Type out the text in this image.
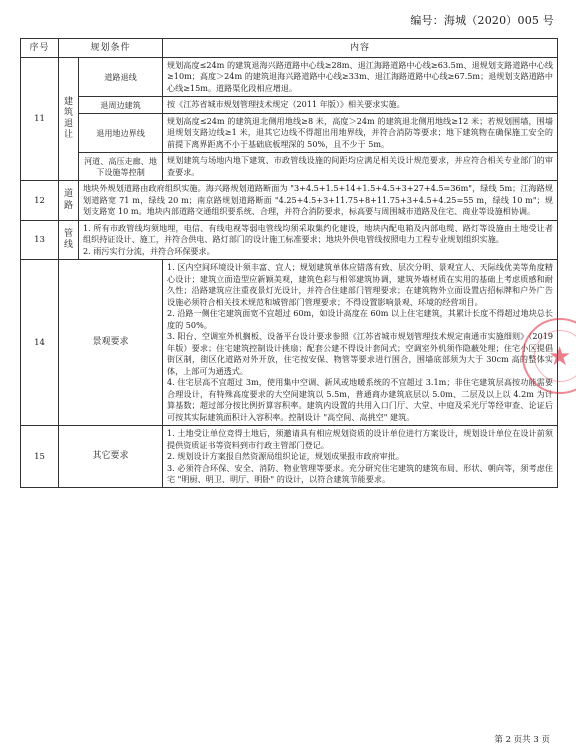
编号：海城（2020）005 号
序号	规划条件		内容
11	建筑退让	道路退线	规划高度≤24m 的建筑退海兴路道路中心线≥28m、退江海路道路中心线≥63.5m、退规划支路道路中心线≥10m；高度＞24m 的建筑退海兴路道路中心线≥33m、退江海路道路中心线≥67.5m；退规划支路道路中心线≥15m。道路渠化段相应增退。
		退周边建筑	按《江苏省城市规划管理技术规定（2011 年版）》相关要求实施。
		退用地边界线	规划高度≤24m 的建筑退北侧用地线≥8 米，高度＞24m 的建筑退北侧用地线≥12 米；若规划围墙，围墙退规划支路边线≥1 米，退其它边线不得超出用地界线，并符合消防等要求；地下建筑物在确保施工安全的前提下离界距离不小于基础底板埋深的 50%，且不少于 5m。
		河道、高压走廊、地下设施等控制	规划建筑与场地内地下建筑、市政管线设施的间距均应满足相关设计规范要求，并应符合相关专业部门的审查要求。
12	道路	地块外规划道路由政府组织实施。海兴路规划道路断面为 "3+4.5+1.5+14+1.5+4.5+3+27+4.5=36m"，绿线 5m；江海路规划道路宽 71 m，绿线 20 m；南京路规划道路断面 "4.25+4.5+3+11.75+8+11.75+3+4.5+4.25=55 m，绿线 10 m"；规划支路宽 10 m。地块内部道路交通组织要系统、合理，并符合消防要求，标高要与周围城市道路及住宅、商业等设施相协调。	
13	管线	1. 所有市政管线均须地埋，电信、有线电视等弱电管线均须采取集约化建设，地块内配电箱及内部电缆、路灯等设施由土地受让者组织持证设计、施工，并符合供电、路灯部门的设计施工标准要求；地块外供电管线按照电力工程专业规划组织实施。

2. 雨污实行分流，并符合环保要求。	

14	景观要求		1. 区内空间环境设计须丰富、宜人；规划建筑单体应错落有致、层次分明、景观宜人、天际线优美等角度精心设计；建筑立面造型应新颖美观，建筑色彩与相邻建筑协调，建筑外墙材质在实用的基础上考虑质感和耐久性；沿路建筑应注重夜景灯光设计，并符合住建部门管理要求；在建筑物外立面设置店招标牌和户外广告设施必须符合相关技术规范和城管部门管理要求；不得设置影响景观、环境的经营项目。

2. 沿路一侧住宅建筑面宽不宜超过 60m，如设计高度在 60m 以上住宅建筑，其累计长度不得超过地块总长度的 50%。

3. 阳台、空调室外机搁板、设备平台设计要求参照《江苏省城市规划管理技术规定南通市实施细则》（2019 年版）要求；住宅建筑控制设计挑扇；配套公建不得设计套间式；空调室外机须作隐蔽处理；住宅小区提倡街区制，街区化道路对外开放，住宅按安保、物管等要求进行围合，围墙底部须为大于 30cm 高的整体实体，上部可为通透式。

4. 住宅层高不宜超过 3m，使用集中空调、新风或地暖系统的不宜超过 3.1m；非住宅建筑层高按功能需要合理设计，有特殊高度要求的大空间建筑以 5.5m，普通商办建筑底层以 5.0m、二层及以上以 4.2m 为计算基数；超过部分按比例折算容积率。建筑内设置的共用入口门厅、大堂、中庭及采光厅等经审查、论证后可按其实际建筑面积计入容积率。控制设计 "高空间、高挑空" 建筑。

15	其它要求		1. 土地受让单位竞得土地后，须邀请具有相应规划资质的设计单位进行方案设计，规划设计单位在设计前须提供资质证书等资料到市行政主管部门登记。

2. 规划设计方案报自然资源局组织论证，规划成果报市政府审批。

3. 必须符合环保、安全、消防、物业管理等要求。充分研究住宅建筑的建筑布局、形状、朝向等，须考虑住宅 "明厨、明卫、明厅、明卧" 的设计，以符合建筑节能要求。

★
第 2 页共 3 页
